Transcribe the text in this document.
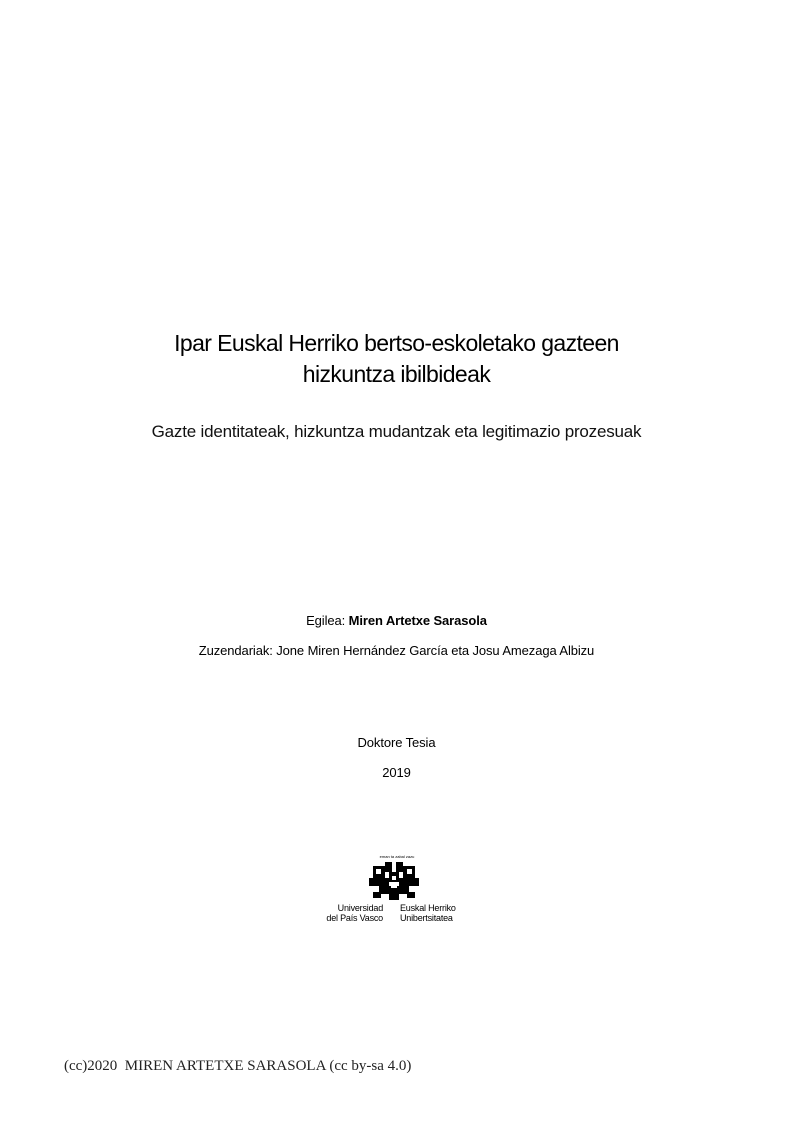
Ipar Euskal Herriko bertso-eskoletako gazteen
hizkuntza ibilbideak
Gazte identitateak, hizkuntza mudantzak eta legitimazio prozesuak
Egilea: Miren Artetxe Sarasola
Zuzendariak: Jone Miren Hernández García eta Josu Amezaga Albizu
Doktore Tesia
2019
eman ta zabal zazu
Universidad
del País Vasco
Euskal Herriko
Unibertsitatea
(cc)2020  MIREN ARTETXE SARASOLA (cc by-sa 4.0)
